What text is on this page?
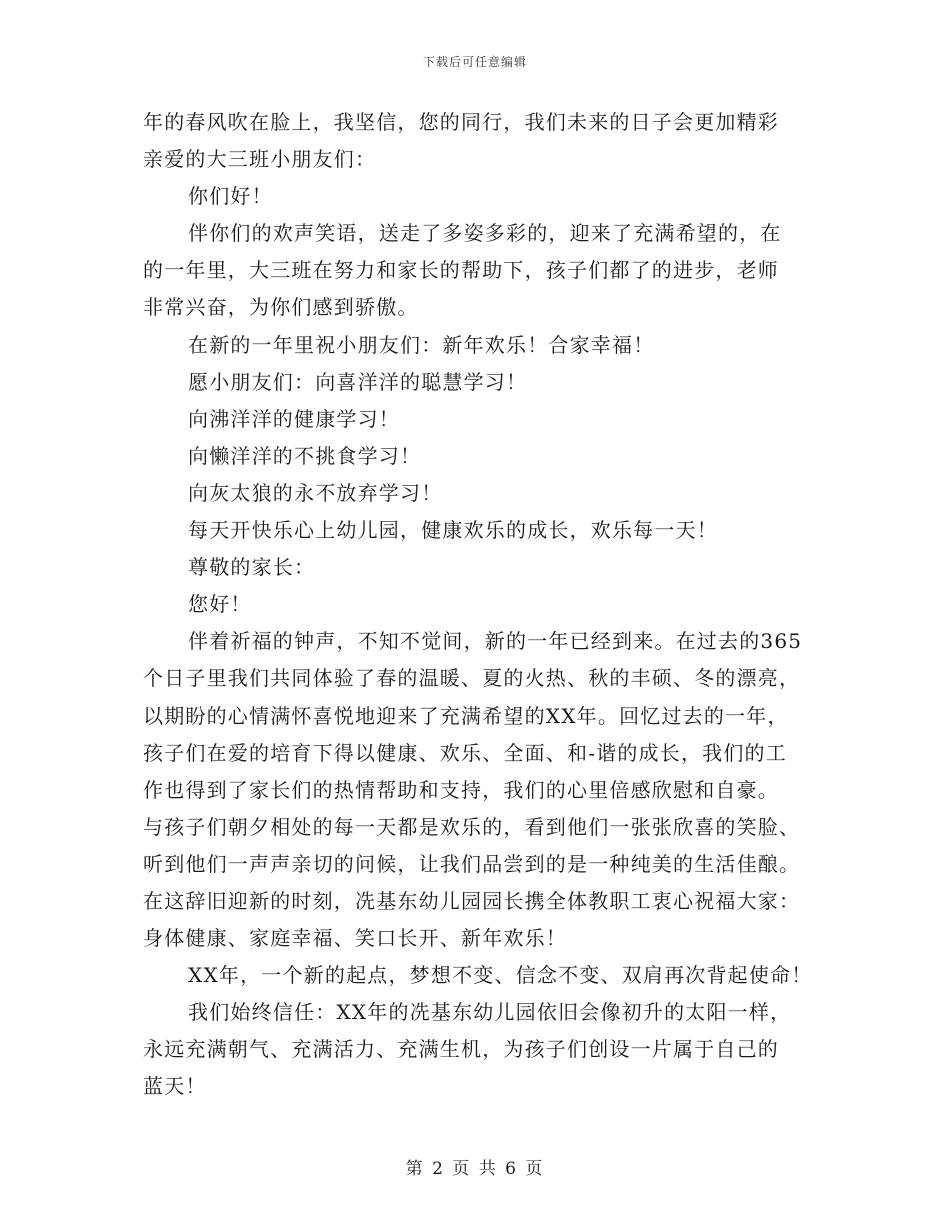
下载后可任意编辑

年的春风吹在脸上，我坚信，您的同行，我们未来的日子会更加精彩

亲爱的大三班小朋友们：

你们好！

伴你们的欢声笑语，送走了多姿多彩的，迎来了充满希望的，在

的一年里，大三班在努力和家长的帮助下，孩子们都了的进步，老师

非常兴奋，为你们感到骄傲。

在新的一年里祝小朋友们：新年欢乐！合家幸福！

愿小朋友们：向喜洋洋的聪慧学习！

向沸洋洋的健康学习！

向懒洋洋的不挑食学习！

向灰太狼的永不放弃学习！

每天开快乐心上幼儿园，健康欢乐的成长，欢乐每一天！

尊敬的家长：

您好！

伴着祈福的钟声，不知不觉间，新的一年已经到来。在过去的365

个日子里我们共同体验了春的温暖、夏的火热、秋的丰硕、冬的漂亮，

以期盼的心情满怀喜悦地迎来了充满希望的XX年。回忆过去的一年，

孩子们在爱的培育下得以健康、欢乐、全面、和-谐的成长，我们的工

作也得到了家长们的热情帮助和支持，我们的心里倍感欣慰和自豪。

与孩子们朝夕相处的每一天都是欢乐的，看到他们一张张欣喜的笑脸、

听到他们一声声亲切的问候，让我们品尝到的是一种纯美的生活佳酿。

在这辞旧迎新的时刻，冼基东幼儿园园长携全体教职工衷心祝福大家：

身体健康、家庭幸福、笑口长开、新年欢乐！

XX年，一个新的起点，梦想不变、信念不变、双肩再次背起使命！

我们始终信任：XX年的冼基东幼儿园依旧会像初升的太阳一样，

永远充满朝气、充满活力、充满生机，为孩子们创设一片属于自己的

蓝天！

第 2 页 共 6 页
